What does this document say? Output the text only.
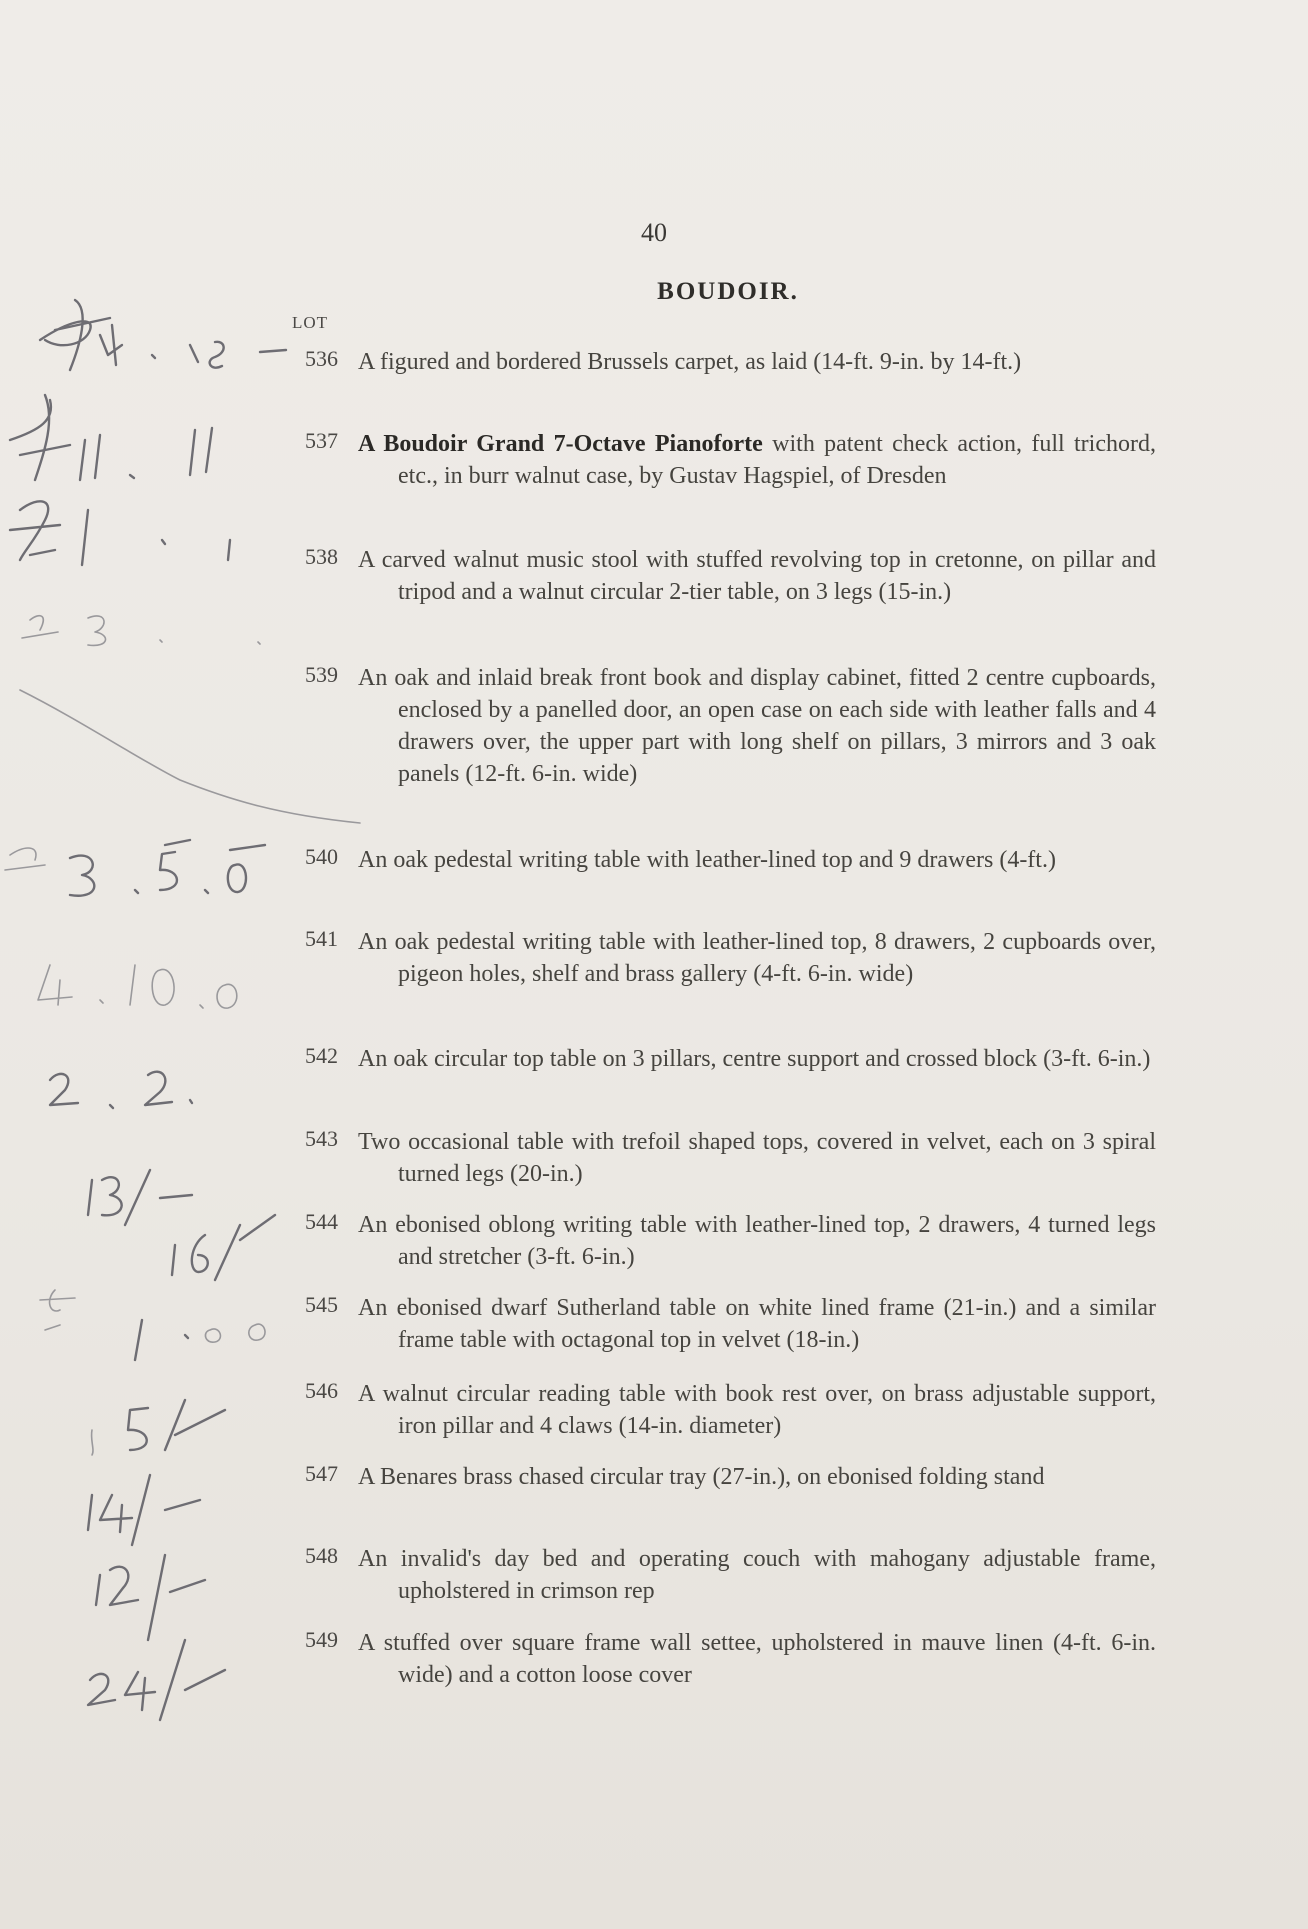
40
BOUDOIR.
LOT
536 A figured and bordered Brussels carpet, as laid (14-ft. 9-in. by 14-ft.)
537 A Boudoir Grand 7-Octave Pianoforte with patent check action, full trichord, etc., in burr walnut case, by Gustav Hagspiel, of Dresden
538 A carved walnut music stool with stuffed revolving top in cretonne, on pillar and tripod and a walnut circular 2-tier table, on 3 legs (15-in.)
539 An oak and inlaid break front book and display cabinet, fitted 2 centre cupboards, enclosed by a panelled door, an open case on each side with leather falls and 4 drawers over, the upper part with long shelf on pillars, 3 mirrors and 3 oak panels (12-ft. 6-in. wide)
540 An oak pedestal writing table with leather-lined top and 9 drawers (4-ft.)
541 An oak pedestal writing table with leather-lined top, 8 drawers, 2 cupboards over, pigeon holes, shelf and brass gallery (4-ft. 6-in. wide)
542 An oak circular top table on 3 pillars, centre support and crossed block (3-ft. 6-in.)
543 Two occasional table with trefoil shaped tops, covered in velvet, each on 3 spiral turned legs (20-in.)
544 An ebonised oblong writing table with leather-lined top, 2 drawers, 4 turned legs and stretcher (3-ft. 6-in.)
545 An ebonised dwarf Sutherland table on white lined frame (21-in.) and a similar frame table with octagonal top in velvet (18-in.)
546 A walnut circular reading table with book rest over, on brass adjustable support, iron pillar and 4 claws (14-in. diameter)
547 A Benares brass chased circular tray (27-in.), on ebonised folding stand
548 An invalid's day bed and operating couch with mahogany adjustable frame, upholstered in crimson rep
549 A stuffed over square frame wall settee, upholstered in mauve linen (4-ft. 6-in. wide) and a cotton loose cover
